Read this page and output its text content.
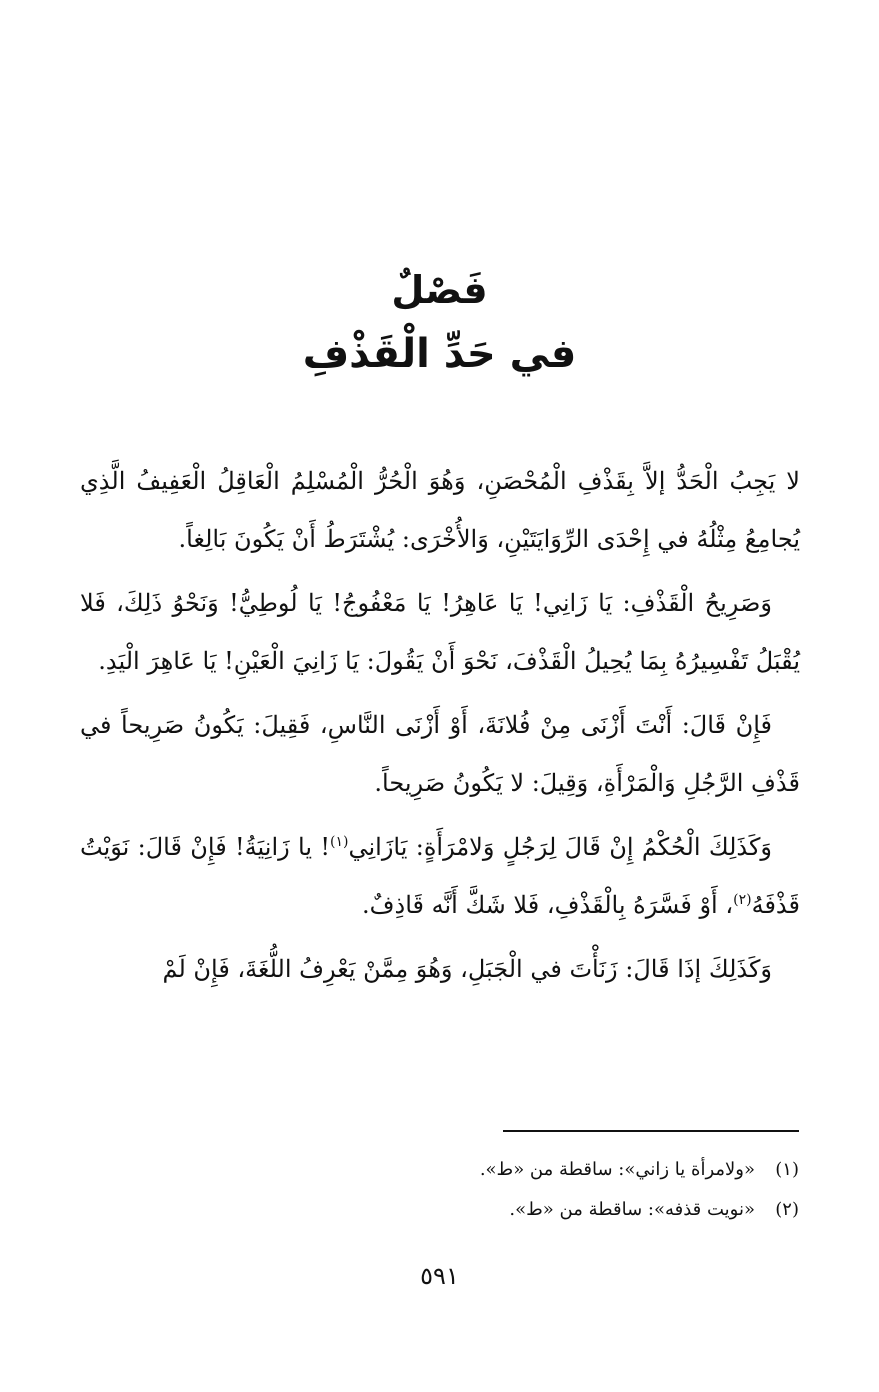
فَصْلٌ
في حَدِّ الْقَذْفِ

لا يَجِبُ الْحَدُّ إلاَّ بِقَذْفِ الْمُحْصَنِ، وَهُوَ الْحُرُّ الْمُسْلِمُ الْعَاقِلُ الْعَفِيفُ الَّذِي يُجامِعُ مِثْلُهُ في إِحْدَى الرِّوَايَتَيْنِ، وَالأُخْرَى: يُشْتَرَطُ أَنْ يَكُونَ بَالِغاً.

وَصَرِيحُ الْقَذْفِ: يَا زَانِي! يَا عَاهِرُ! يَا مَعْفُوجُ! يَا لُوطِيُّ! وَنَحْوُ ذَلِكَ، فَلا يُقْبَلُ تَفْسِيرُهُ بِمَا يُحِيلُ الْقَذْفَ، نَحْوَ أَنْ يَقُولَ: يَا زَانِيَ الْعَيْنِ! يَا عَاهِرَ الْيَدِ.

فَإِنْ قَالَ: أَنْتَ أَزْنَى مِنْ فُلانَةَ، أَوْ أَزْنَى النَّاسِ، فَقِيلَ: يَكُونُ صَرِيحاً في قَذْفِ الرَّجُلِ وَالْمَرْأَةِ، وَقِيلَ: لا يَكُونُ صَرِيحاً.

وَكَذَلِكَ الْحُكْمُ إِنْ قَالَ لِرَجُلٍ وَلامْرَأَةٍ: يَازَانِي$^{(١)}$! يا زَانِيَةُ! فَإِنْ قَالَ: نَوَيْتُ قَذْفَهُ$^{(٢)}$، أَوْ فَسَّرَهُ بِالْقَذْفِ، فَلا شَكَّ أَنَّه قَاذِفٌ.

وَكَذَلِكَ إذَا قَالَ: زَنَأْتَ في الْجَبَلِ، وَهُوَ مِمَّنْ يَعْرِفُ اللُّغَةَ، فَإِنْ لَمْ

(١)«ولامرأة يا زاني»: ساقطة من «ط».
(٢)«نويت قذفه»: ساقطة من «ط».
٥٩١
